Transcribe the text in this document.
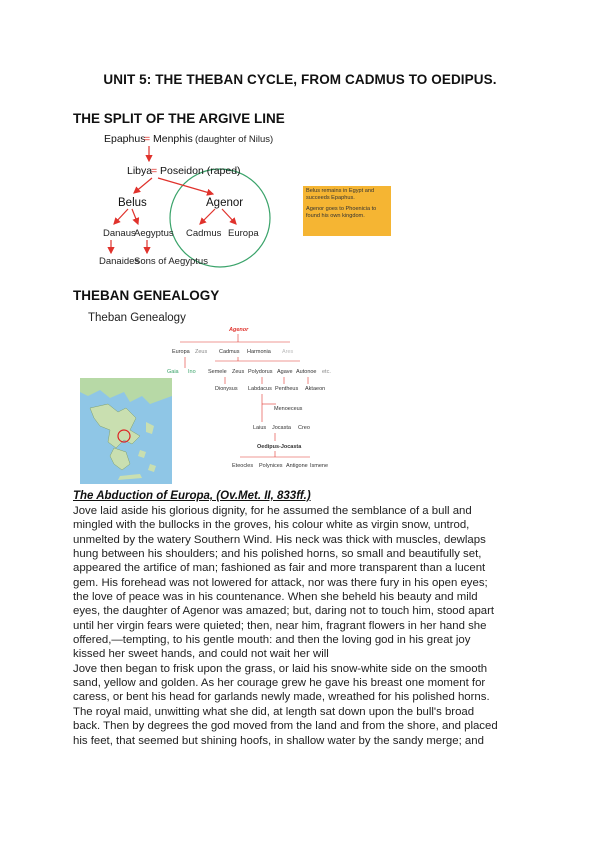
UNIT 5: THE THEBAN CYCLE, FROM CADMUS TO OEDIPUS.
THE SPLIT OF THE ARGIVE LINE
Epaphus
= Menphis (daughter of Nilus)
Libya
= Poseidon (raped)
Belus	Agenor
Danaus
Aegyptus Cadmus Europa
Danaides
Sons of Aegyptus

Belus remains in Egypt and succeeds Epaphus.

Agenor goes to Phoenicia to found his own kingdom.

THEBAN GENEALOGY
Theban Genealogy
Agenor
Europa Zeus Cadmus Harmonia Ares
Gaia Ino Semele Zeus Polydorus Agave Autonoe etc.
Dionysus Labdacus Pentheus Aktaeon
Menoeceus
Laius Jocasta Creo
Oedipus-Jocasta
Eteocles Polynices Antigone Ismene
The Abduction of Europa, (Ov.Met. II, 833ff.)

Jove laid aside his glorious dignity, for he assumed the semblance of a bull and

mingled with the bullocks in the groves, his colour white as virgin snow, untrod,

unmelted by the watery Southern Wind. His neck was thick with muscles, dewlaps

hung between his shoulders; and his polished horns, so small and beautifully set,

appeared the artifice of man; fashioned as fair and more transparent than a lucent

gem. His forehead was not lowered for attack, nor was there fury in his open eyes;

the love of peace was in his countenance. When she beheld his beauty and mild

eyes, the daughter of Agenor was amazed; but, daring not to touch him, stood apart

until her virgin fears were quieted; then, near him, fragrant flowers in her hand she

offered,—tempting, to his gentle mouth: and then the loving god in his great joy

kissed her sweet hands, and could not wait her will

Jove then began to frisk upon the grass, or laid his snow-white side on the smooth

sand, yellow and golden. As her courage grew he gave his breast one moment for

caress, or bent his head for garlands newly made, wreathed for his polished horns.

The royal maid, unwitting what she did, at length sat down upon the bull's broad

back. Then by degrees the god moved from the land and from the shore, and placed

his feet, that seemed but shining hoofs, in shallow water by the sandy merge; and
